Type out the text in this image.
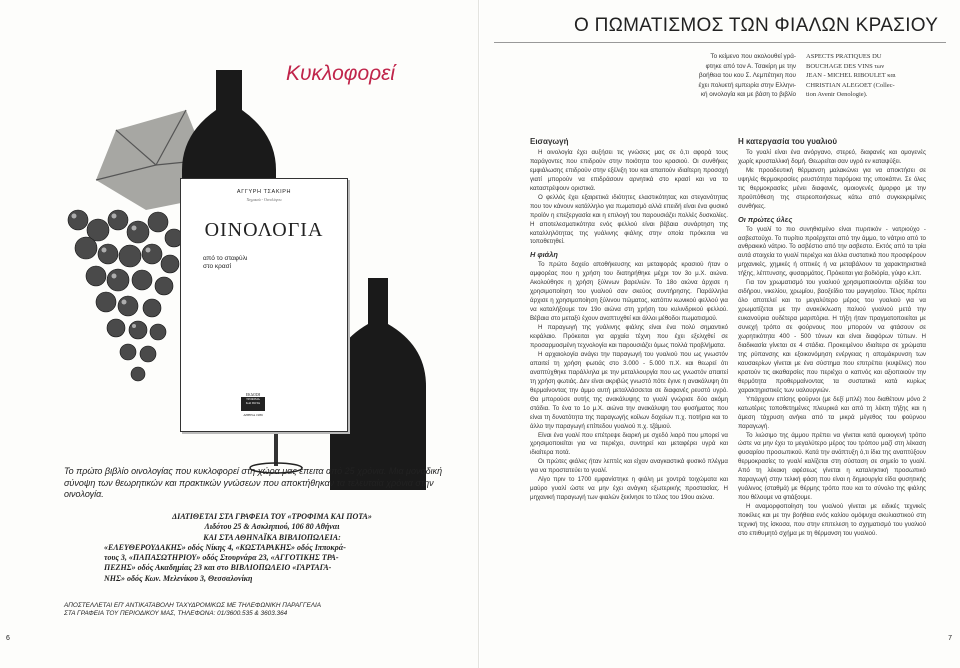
Κυκλοφορεί
ΑΓΓΥΡΗ ΤΣΑΚΙΡΗ
Χημικού - Οινολόγου
ΟΙΝΟΛΟΓΙΑ
από το σταφύλι
στο κρασί
ΕΚΔΟΣΗ
ΤΡΟΦΙΜΑ
ΚΑΙ ΠΟΤΑ
ΑΘΗΝΑ 1986
Το πρώτο βιβλίο οινολογίας που κυκλοφορεί στη χώρα μας έπειτα από 25 χρόνια. Μια μοναδική σύνοψη των θεωρητικών και πρακτικών γνώσεων που αποκτήθηκαν τα τελευταία χρόνια στην οινολογία.
ΔΙΑΤΙΘΕΤΑΙ ΣΤΑ ΓΡΑΦΕΙΑ ΤΟΥ «ΤΡΟΦΙΜΑ ΚΑΙ ΠΟΤΑ»
Λιδότου 25 & Ασκληπιού, 106 80 Αθήναι
ΚΑΙ ΣΤΑ ΑΘΗΝΑΪΚΑ ΒΙΒΛΙΟΠΩΛΕΙΑ:
«ΕΛΕΥΘΕΡΟΥΔΑΚΗΣ» οδός Νίκης 4, «ΚΩΣΤΑΡΑΚΗΣ» οδός Ιπποκρά-
τους 3, «ΠΑΠΑΣΩΤΗΡΙΟΥ» οδός Στουρνάρα 23, «ΑΓΓΟΤΙΚΗΣ ΤΡΑ-
ΠΕΖΗΣ» οδός Ακαδημίας 23 και στο ΒΙΒΛΙΟΠΩΛΕΙΟ «ΓΑΡΤΑΓΑ-
ΝΗΣ» οδός Κων. Μελενίκου 3, Θεσσαλονίκη
ΑΠΟΣΤΕΛΛΕΤΑΙ ΕΠ' ΑΝΤΙΚΑΤΑΒΟΛΗ ΤΑΧΥΔΡΟΜΙΚΩΣ ΜΕ ΤΗΛΕΦΩΝΙΚΗ ΠΑΡΑΓΓΕΛΙΑ
ΣΤΑ ΓΡΑΦΕΙΑ ΤΟΥ ΠΕΡΙΟΔΙΚΟΥ ΜΑΣ, ΤΗΛΕΦΩΝΑ: 01/3600.535 & 3603.364
6	7
Ο ΠΩΜΑΤΙΣΜΟΣ ΤΩΝ ΦΙΑΛΩΝ ΚΡΑΣΙΟΥ
Το κείμενο που ακολουθεί γρά-
φτηκε από τον Α. Τσακίρη με την
βοήθεια του κου Σ. Λεμπέτηκη που
έχει πολυετή εμπειρία στην Ελληνι-
κή οινολογία και με βάση το βιβλίο
ASPECTS PRATIQUES DU
BOUCHAGE DES VINS των
JEAN - MICHEL RIBOULET και
CHRISTIAN ALEGOET (Collec-
tion Avenir Oenologie).
Εισαγωγή

Η οινολογία έχει αυξήσει τις γνώσεις μας σε ό,τι αφορά τους παράγοντες που επιδρούν στην ποιότητα του κρασιού. Οι συνθήκες εμφιάλωσης επιδρούν στην εξέλιξη του και απαιτούν ιδιαίτερη προσοχή γιατί μπορούν να επιδράσουν αρνητικά στο κρασί και να το καταστρέψουν οριστικά.

Ο φελλός έχει εξαιρετικά ιδιότητες ελαστικότητας και στεγανότητας που τον κάνουν κατάλληλο για πωματισμό αλλά επειδή είναι ένα φυσικό προϊόν η επεξεργασία και η επιλογή του παρουσιάζει πολλές δυσκολίες. Η αποτελεσματικότητα ενός φελλού είναι βέβαια συνάρτηση της καταλληλότητας της γυάλινης φιάλης στην οποία πρόκειται να τοποθετηθεί.

Η φιάλη

Το πρώτο δοχείο αποθήκευσης και μεταφοράς κρασιού ήταν ο αμφορέας που η χρήση του διατηρήθηκε μέχρι τον 3ο μ.Χ. αιώνα. Ακολούθησε η χρήση ξύλινων βαρελιών. Το 18ο αιώνα άρχισε η χρησιμοποίηση του γυαλιού σαν σκεύος συντήρησης. Παράλληλα άρχισε η χρησιμοποίηση ξύλινου πώματος, κατόπιν κωνικού φελλού για να καταλήξουμε τον 19ο αιώνα στη χρήση του κυλινδρικού φελλού. Βέβαια στο μεταξύ έχουν αναπτυχθεί και άλλοι μέθοδοι πωματισμού.

Η παραγωγή της γυάλινης φιάλης είναι ένα πολύ σημαντικό κεφάλαιο. Πρόκειται για αρχαία τέχνη που έχει εξελιχθεί σε προσαρμοσμένη τεχνολογία και παρουσιάζει όμως πολλά προβλήματα.

Η αρχαιολογία ανάγει την παραγωγή του γυαλιού που ως γνωστόν απαιτεί τη χρήση φωτιάς στο 3.000 - 5.000 π.Χ. και θεωρεί ότι αναπτύχθηκε παράλληλα με την μεταλλουργία που ως γνωστόν απαιτεί τη χρήση φωτιάς. Δεν είναι ακριβώς γνωστό πότε έγινε η ανακάλυψη ότι θερμαίνοντας την άμμο αυτή μεταλλάσσεται σε διαφανές ρευστό υγρό. Θα μπορούσε αυτής της ανακάλυψης το γυαλί γνώρισε δύο ακόμη στάδια. Το ένα το 1ο μ.Χ. αιώνα την ανακάλυψη του φυσήματος που είναι τη δυνατότητα της παραγωγής κοίλων δοχείων π.χ. ποτήρια και το άλλο την παραγωγή επίπεδου γυαλιού π.χ. τζάμιού.

Είναι ένα γυαλί που επέτρεψε διαρκή με σχεδό λιαρό που μπορεί να χρησιμοποιείται για να περιέχει, συντηρεί και μεταφέρει υγρά και ιδιαίτερα ποτά.

Οι πρώτες φιάλες ήταν λεπτές και είχαν αναγκαστικά φυσικό πλέγμα για να προστατεύει το γυαλί.

Λίγο πριν το 1700 εμφανίστηκε η φιάλη με χοντρά τοιχώματα και μαύρο γυαλί ώστε να μην έχει ανάγκη εξωτερικής προστασίας. Η μηχανική παραγωγή των φιαλών ξεκίνησε το τέλος του 19ου αιώνα.

Η κατεργασία του γυαλιού

Το γυαλί είναι ένα ανόργανο, στερεό, διαφανές και ομογενές χωρίς κρυσταλλική δομή. Θεωρείται σαν υγρό εν καταψύξει.

Με προοδευτική θέρμανση μαλακώνει για να αποκτήσει σε υψηλές θερμοκρασίες ρευστότητα παρόμοια της υποκάπνι. Σε όλες τις θερμοκρασίες μένει διαφανές, ομοιογενές άμορφο με την προϋπόθεση της στερεοποιήσεως κάτω από συγκεκριμένες συνθήκες.

Οι πρώτες ύλες

Το γυαλί το πιο συνηθισμένο είναι πυριτικόν - νατριούχο - ασβεστούχο. Το πυρίτιο προέρχεται από την άμμο, το νάτριο από το ανθρακικό νάτριο. Το ασβέστιο από την ασβεστο. Εκτός από τα τρία αυτά στοιχεία το γυαλί περιέχει και άλλα συστατικά που προσφέρουν μηχανικές, χημικές ή οπτικές ή να μεταβάλουν τα χαρακτηριστικά τήξης, λέπτυνσης, φυσαρμάτος. Πρόκειται για βοδιόρία, γύψο κ.λπ.

Για τον χρωματισμό του γυαλιού χρησιμοποιούνται οξείδια του σιδήρου, νικελίου, χρωμίου, βαοξείδιο του μαγνησίου. Τέλος πρέπει όλο αποτελεί και το μεγαλύτερο μέρος του γυαλιού για να χρωματίζεται με την ανακύκλωση παλιού γυαλιού μετά την ευκανούρια ουδέτερα μαριπόρια. Η τήξη ήταν πραγματοποιείται με συνεχή τρόπο σε φούρνους που μπορούν να φτάσουν σε χωρητικότητα 400 - 500 τόνων και είναι διαφόρων τύπων. Η διαδικασία γίνεται σε 4 στάδια. Προκειμένου ιδιαίτερα σε χρώματα της ρύπανσης και εξοικονόμηση ενέργειας η απομάκρυνση των καυσαερίων γίνεται με ένα σύστημα που επιτρέπει (κυψέλες) που κρατούν τις ακαθαρσίες που περιέχει ο καπνός και αξιοποιούν την θερμότητα προθερμαίνοντας τα συστατικά κατά κυρίως χαρακτηριστικές των υαλουργιών.

Υπάρχουν επίσης φούρνοι (με δεξί μπλέ) που διαθέτουν μόνο 2 κατωτέρες τοποθετημένες πλευρικά και από τη λέκτη τήξης και η άμεση τάχρυση ανήκει από τα μικρά μέγεθος του φούρνου παραγωγή.

Το λιώσιμο της άμμου πρέπει να γίνεται κατά ομοιογενή τρόπο ώστε να μην έχει το μεγαλύτερο μέρος του τρόπου μαζί στη λέκαση φυσαρίου προσωπικού. Κατά την ανάπτυξη ό,τι ίδια της αναπτύξουν θερμοκρασίες το γυαλί καλίζεται στη σύσταση σε σημείο το γυαλί. Από τη λέκακη αφέσεως γίνεται η καταληκτική προσωπικό παραγωγή στην τελική φάση που είναι η δημιουργία είδα φυσητικής γυάλινος (σταθμά) με θέρμης τρόπο που και το σύνολο της φιάλης που θέλουμε να φτιάξουμε.

Η αναμορφοποίηση του γυαλιού γίνεται με ειδικές τεχνικές ποικίλες και με την βοήθεια ενός καλίου ομόψυχα σκυλιαστικού στη τεχνική της ίσκοσα, που στην επιτελεση το σχηματισμό του γυαλιού στο επιθυμητό σχήμα με τη θέρμανση του γυαλιού.
